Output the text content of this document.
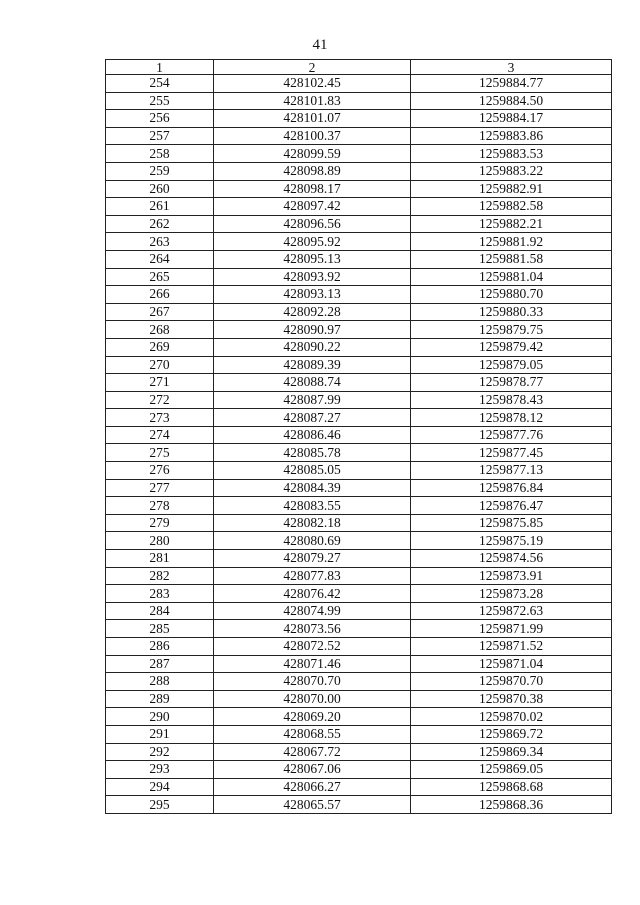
41
1	2	3
254	428102.45	1259884.77
255	428101.83	1259884.50
256	428101.07	1259884.17
257	428100.37	1259883.86
258	428099.59	1259883.53
259	428098.89	1259883.22
260	428098.17	1259882.91
261	428097.42	1259882.58
262	428096.56	1259882.21
263	428095.92	1259881.92
264	428095.13	1259881.58
265	428093.92	1259881.04
266	428093.13	1259880.70
267	428092.28	1259880.33
268	428090.97	1259879.75
269	428090.22	1259879.42
270	428089.39	1259879.05
271	428088.74	1259878.77
272	428087.99	1259878.43
273	428087.27	1259878.12
274	428086.46	1259877.76
275	428085.78	1259877.45
276	428085.05	1259877.13
277	428084.39	1259876.84
278	428083.55	1259876.47
279	428082.18	1259875.85
280	428080.69	1259875.19
281	428079.27	1259874.56
282	428077.83	1259873.91
283	428076.42	1259873.28
284	428074.99	1259872.63
285	428073.56	1259871.99
286	428072.52	1259871.52
287	428071.46	1259871.04
288	428070.70	1259870.70
289	428070.00	1259870.38
290	428069.20	1259870.02
291	428068.55	1259869.72
292	428067.72	1259869.34
293	428067.06	1259869.05
294	428066.27	1259868.68
295	428065.57	1259868.36
